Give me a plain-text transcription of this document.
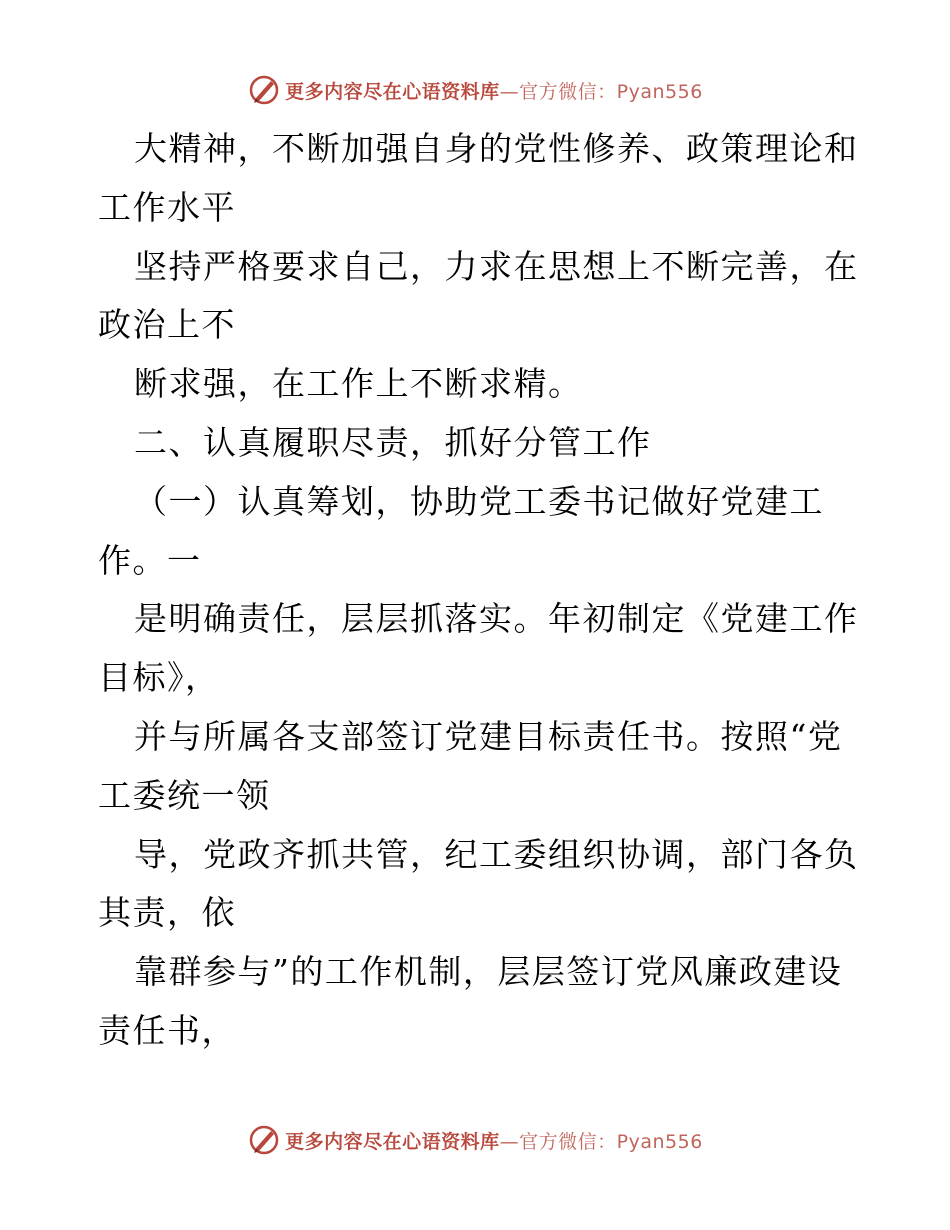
更多内容尽在心语资料库—官方微信：Pyan556
大精神，不断加强自身的党性修养、政策理论和
工作水平
坚持严格要求自己，力求在思想上不断完善，在
政治上不
断求强，在工作上不断求精。
二、认真履职尽责，抓好分管工作
（一）认真筹划，协助党工委书记做好党建工
作。一
是明确责任，层层抓落实。年初制定《党建工作
目标》，
并与所属各支部签订党建目标责任书。按照“党
工委统一领
导，党政齐抓共管，纪工委组织协调，部门各负
其责，依
靠群参与”的工作机制，层层签订党风廉政建设
责任书，
更多内容尽在心语资料库—官方微信：Pyan556
